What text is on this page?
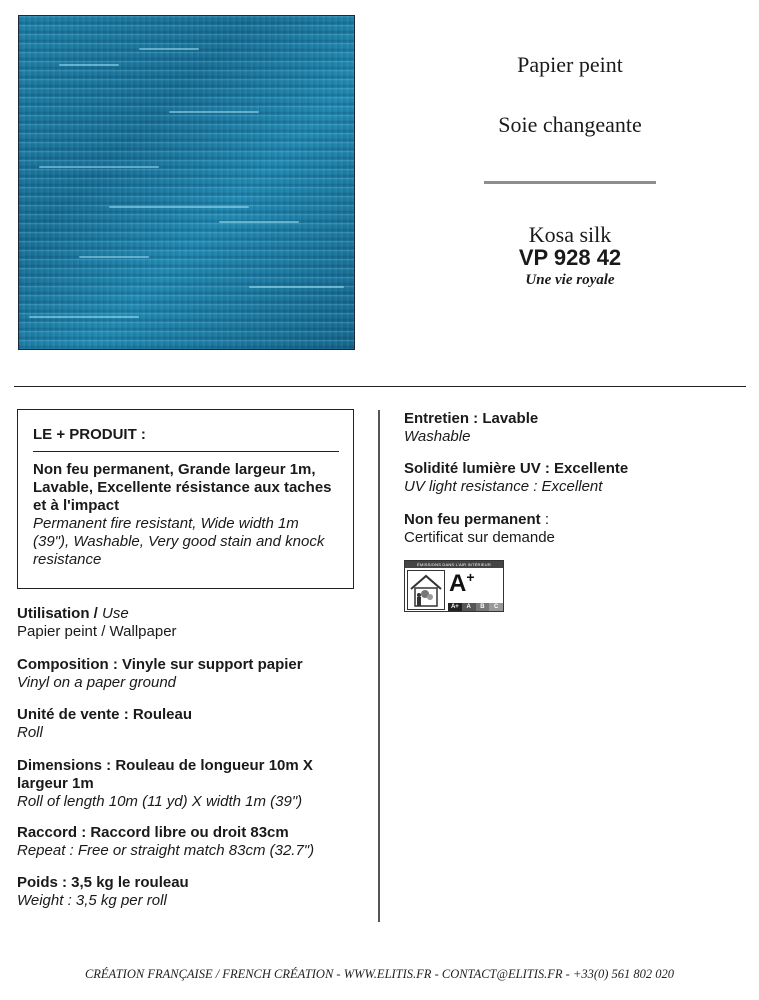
Papier peint
Soie changeante
Kosa silk
VP 928 42
Une vie royale
LE + PRODUIT :
Non feu permanent, Grande largeur 1m, Lavable, Excellente résistance aux taches et à l'impact
Permanent fire resistant, Wide width 1m (39"), Washable, Very good stain and knock resistance
Utilisation / Use
Papier peint / Wallpaper
Composition : Vinyle sur support papier
Vinyl on a paper ground
Unité de vente : Rouleau
Roll
Dimensions : Rouleau de longueur 10m X largeur 1m
Roll of length 10m (11 yd) X width 1m (39")
Raccord : Raccord libre ou droit 83cm
Repeat : Free or straight match 83cm (32.7")
Poids : 3,5 kg le rouleau
Weight : 3,5 kg per roll
Entretien : Lavable
Washable
Solidité lumière UV : Excellente
UV light resistance : Excellent
Non feu permanent :
Certificat sur demande
ÉMISSIONS DANS L'AIR INTÉRIEUR
A+
A+	A	B	C
CRÉATION FRANÇAISE / FRENCH CRÉATION - WWW.ELITIS.FR - CONTACT@ELITIS.FR - +33(0) 561 802 020
